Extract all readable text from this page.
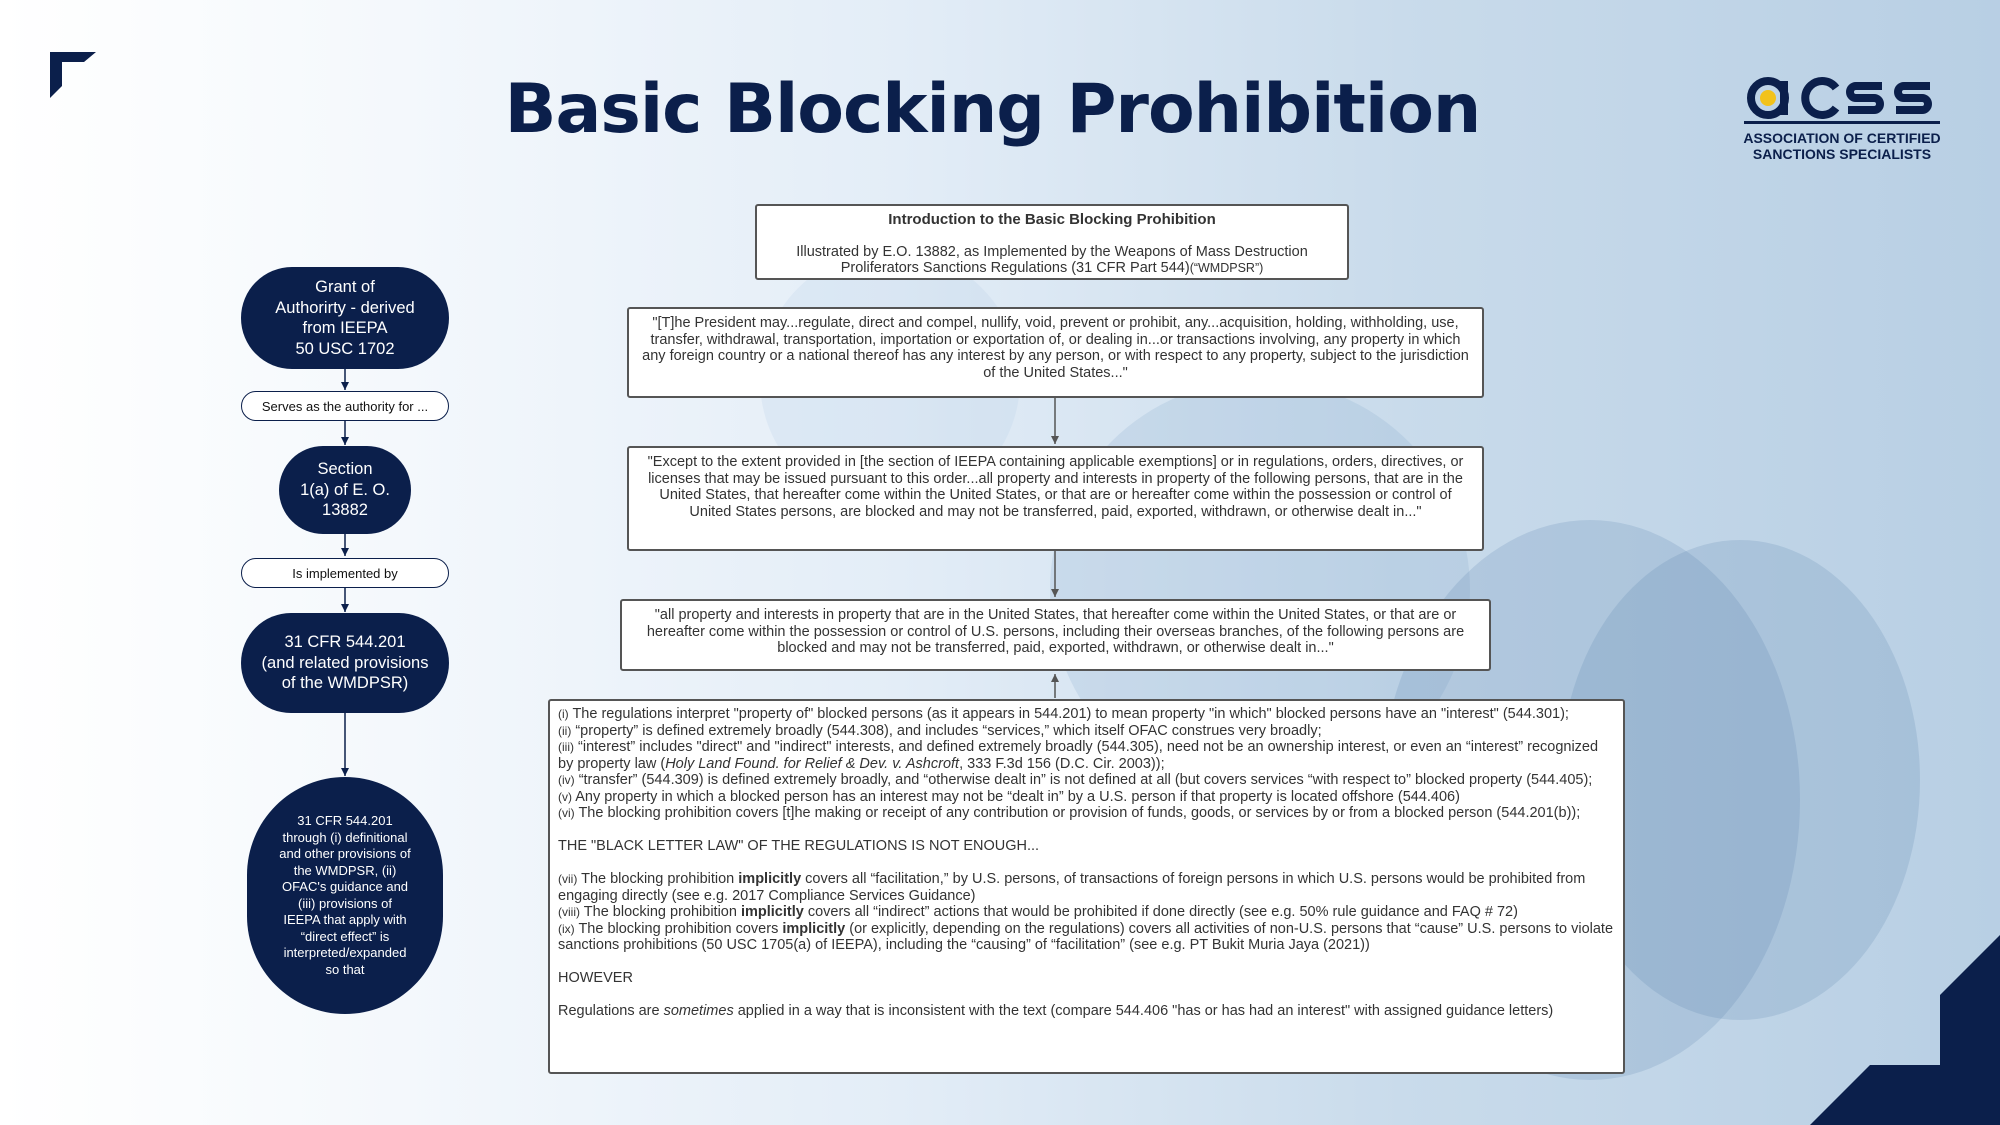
Basic Blocking Prohibition	ASSOCIATION OF CERTIFIED
SANCTIONS SPECIALISTS
Grant of
Authorirty - derived
from IEEPA
50 USC 1702
Serves as the authority for ...
Section
1(a) of E. O.
13882
Is implemented by
31 CFR 544.201
(and related provisions
of the WMDPSR)
31 CFR 544.201
through (i) definitional
and other provisions of
the WMDPSR, (ii)
OFAC's guidance and
(iii) provisions of
IEEPA that apply with
“direct effect” is
interpreted/expanded
so that

Introduction to the Basic Blocking Prohibition

Illustrated by E.O. 13882, as Implemented by the Weapons of Mass Destruction

Proliferators Sanctions Regulations (31 CFR Part 544)(“WMDPSR”)

"[T]he President may...regulate, direct and compel, nullify, void, prevent or prohibit, any...acquisition, holding, withholding, use, transfer, withdrawal, transportation, importation or exportation of, or dealing in...or transactions involving, any property in which any foreign country or a national thereof has any interest by any person, or with respect to any property, subject to the jurisdiction of the United States..."

"Except to the extent provided in [the section of IEEPA containing applicable exemptions] or in regulations, orders, directives, or licenses that may be issued pursuant to this order...all property and interests in property of the following persons, that are in the United States, that hereafter come within the United States, or that are or hereafter come within the possession or control of United States persons, are blocked and may not be transferred, paid, exported, withdrawn, or otherwise dealt in..."

"all property and interests in property that are in the United States, that hereafter come within the United States, or that are or hereafter come within the possession or control of U.S. persons, including their overseas branches, of the following persons are blocked and may not be transferred, paid, exported, withdrawn, or otherwise dealt in..."

(i) The regulations interpret "property of" blocked persons (as it appears in 544.201) to mean property "in which" blocked persons have an "interest" (544.301);

(ii) “property” is defined extremely broadly (544.308), and includes “services,” which itself OFAC construes very broadly;

(iii) “interest” includes "direct" and "indirect" interests, and defined extremely broadly (544.305), need not be an ownership interest, or even an “interest” recognized by property law (Holy Land Found. for Relief & Dev. v. Ashcroft, 333 F.3d 156 (D.C. Cir. 2003));

(iv) “transfer” (544.309) is defined extremely broadly, and “otherwise dealt in” is not defined at all (but covers services “with respect to” blocked property (544.405);

(v) Any property in which a blocked person has an interest may not be “dealt in” by a U.S. person if that property is located offshore (544.406)

(vi) The blocking prohibition covers [t]he making or receipt of any contribution or provision of funds, goods, or services by or from a blocked person (544.201(b));

THE "BLACK LETTER LAW" OF THE REGULATIONS IS NOT ENOUGH...

(vii) The blocking prohibition implicitly covers all “facilitation,” by U.S. persons, of transactions of foreign persons in which U.S. persons would be prohibited from engaging directly (see e.g. 2017 Compliance Services Guidance)

(viii) The blocking prohibition implicitly covers all “indirect” actions that would be prohibited if done directly (see e.g. 50% rule guidance and FAQ # 72)

(ix) The blocking prohibition covers implicitly (or explicitly, depending on the regulations) covers all activities of non-U.S. persons that “cause” U.S. persons to violate sanctions prohibitions (50 USC 1705(a) of IEEPA), including the “causing” of “facilitation” (see e.g. PT Bukit Muria Jaya (2021))

HOWEVER

Regulations are sometimes applied in a way that is inconsistent with the text (compare 544.406 "has or has had an interest" with assigned guidance letters)
